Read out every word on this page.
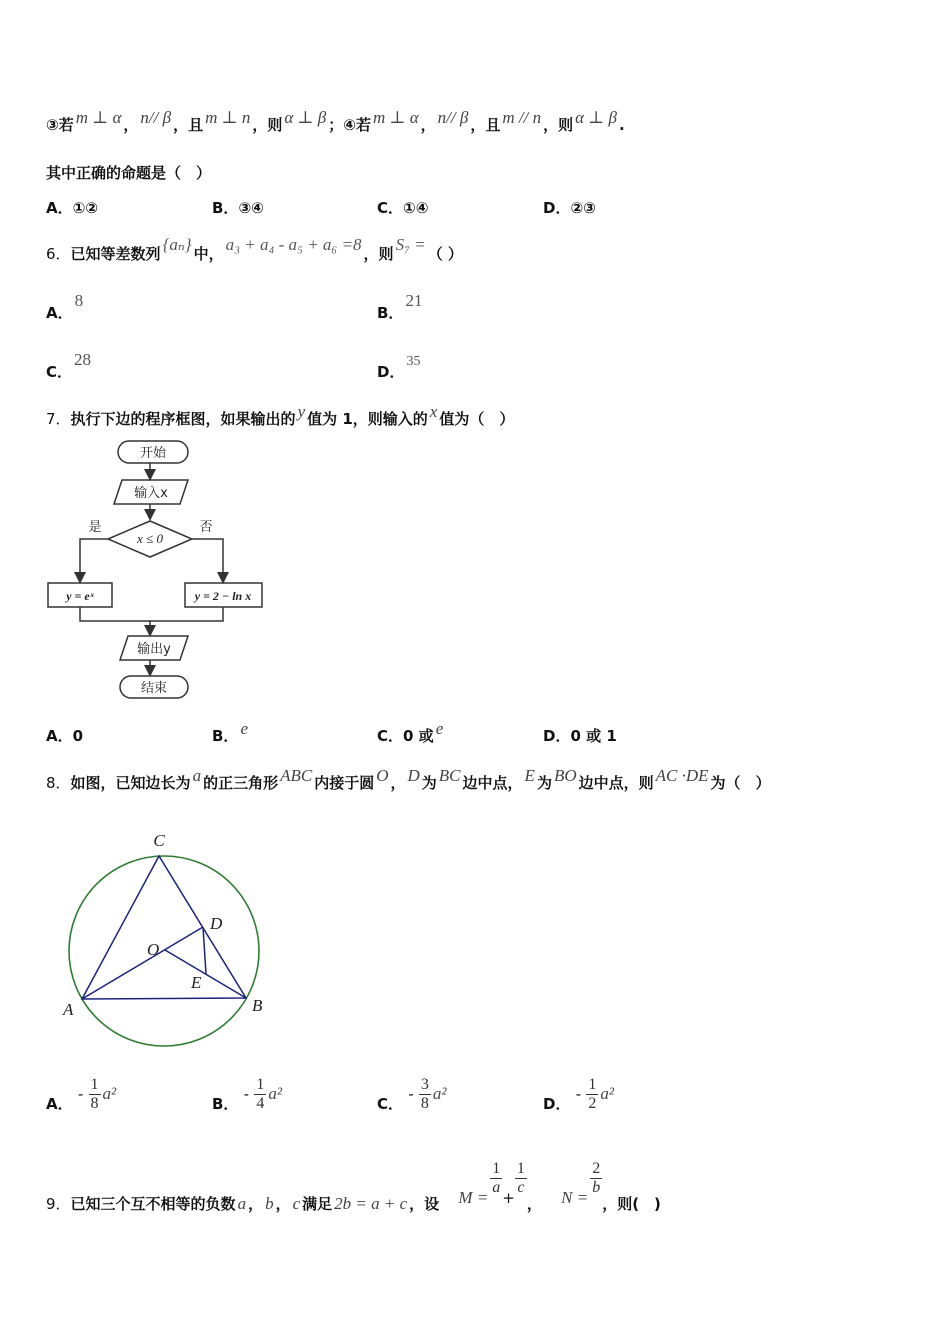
③若 m ⊥ α ， n// β ，且 m ⊥ n ，则 α ⊥ β ；④若 m ⊥ α ， n// β ，且 m // n ，则 α ⊥ β .
其中正确的命题是（　）
A．①②	B．③④	C．①④	D．②③
6．已知等差数列 {aₙ} 中， a₃ + a₄ - a₅ + a₆ =8 ，则 S₇ = （ ）
A．8
B．21
C．28
D．35
7．执行下边的程序框图，如果输出的 y 值为 1，则输入的 x 值为（　）
开始
输入x
x ≤ 0
是	否
y = eˣ	y = 2 − ln x
输出y
结束
A．0	B． e	C．0 或 e	D．0 或 1
8．如图，已知边长为 a 的正三角形 ABC 内接于圆 O ， D 为 BC 边中点， E 为 BO 边中点，则 AC ·DE 为（　）
C
D
O
E
A	B
A． - $\frac{1}{8} a^2$
B． - $\frac{1}{4} a^2$
C． - $\frac{3}{8} a^2$
D． - $\frac{1}{2} a^2$
9．已知三个互不相等的负数 a ， b ， c 满足 2b = a + c ，设 M =
$\frac{1}{a}$
+
$\frac{1}{c}$
， N =
$\frac{2}{b}$
，则(　)
